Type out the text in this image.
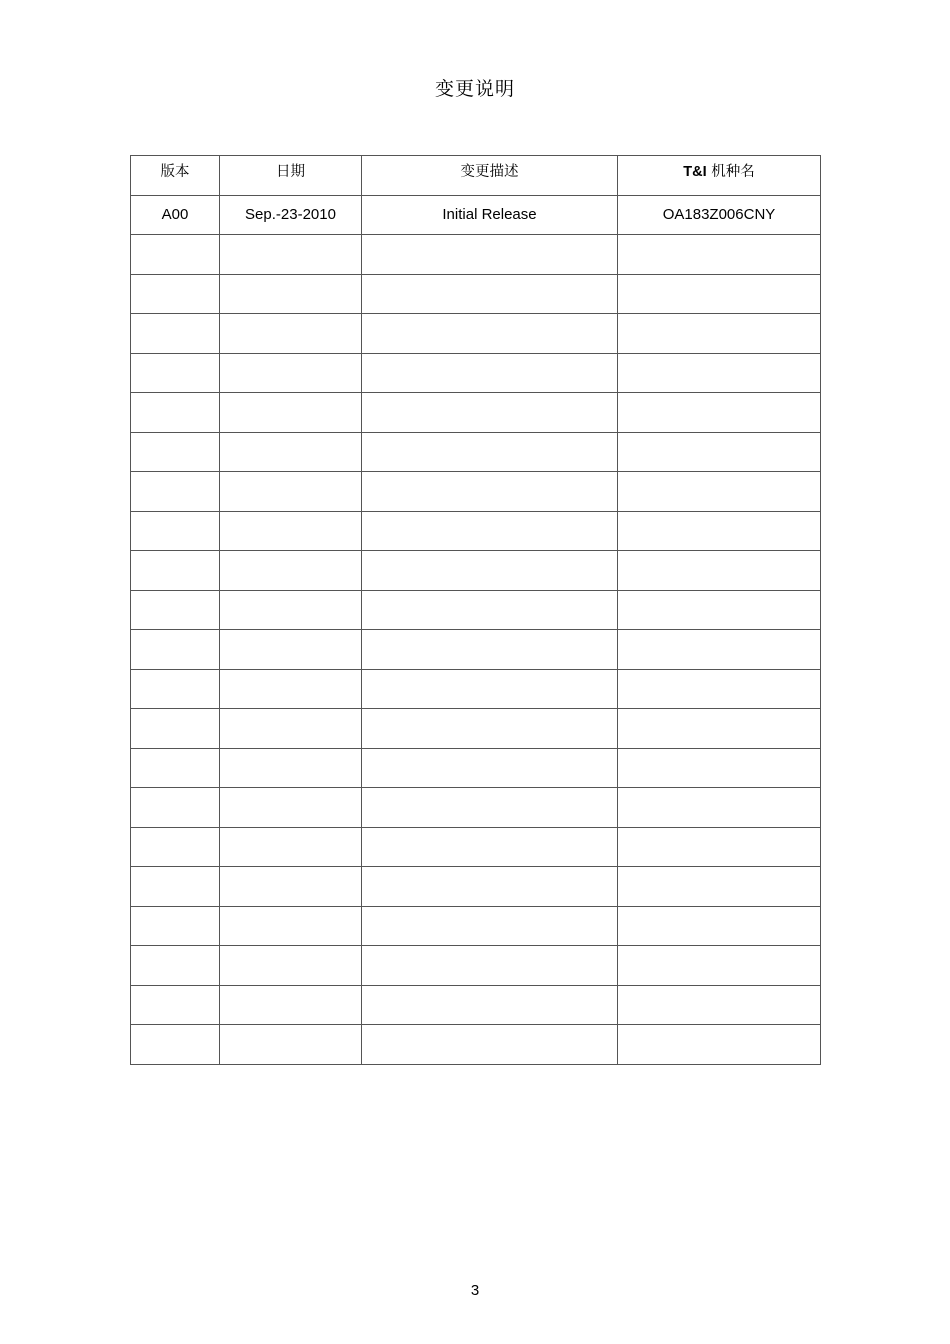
变更说明
版本	日期	变更描述	T&I 机种名
A00	Sep.-23-2010	Initial Release	OA183Z006CNY

3
